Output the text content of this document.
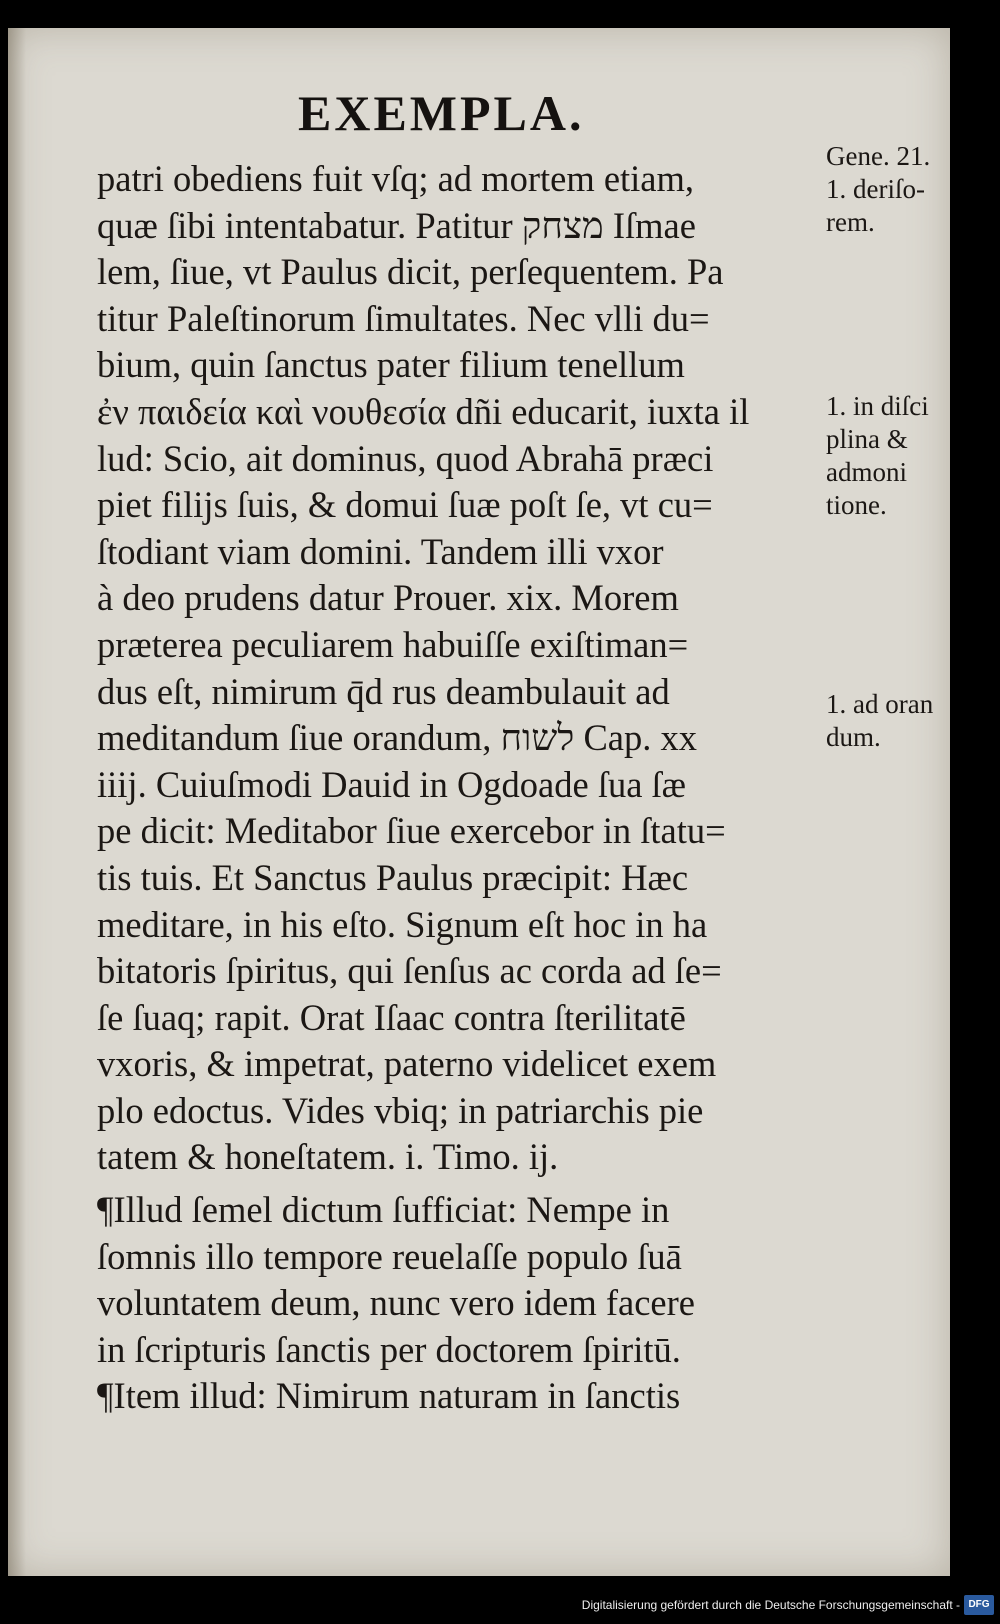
EXEMPLA.
patri obediens fuit vſq; ad mortem etiam,
quæ ſibi intentabatur. Patitur מצחק Iſmae
lem, ſiue, vt Paulus dicit, perſequentem. Pa
titur Paleſtinorum ſimultates. Nec vlli du=
bium, quin ſanctus pater filium tenellum
ἐν παιδεία καὶ νουθεσία dñi educarit, iuxta il
lud: Scio, ait dominus, quod Abrahā præci
piet filijs ſuis, & domui ſuæ poſt ſe, vt cu=
ſtodiant viam domini. Tandem illi vxor
à deo prudens datur Prouer. xix. Morem
præterea peculiarem habuiſſe exiſtiman=
dus eſt, nimirum q̄d rus deambulauit ad
meditandum ſiue orandum, לשוח Cap. xx
iiij. Cuiuſmodi Dauid in Ogdoade ſua ſæ
pe dicit: Meditabor ſiue exercebor in ſtatu=
tis tuis. Et Sanctus Paulus præcipit: Hæc
meditare, in his eſto. Signum eſt hoc in ha
bitatoris ſpiritus, qui ſenſus ac corda ad ſe=
ſe ſuaq; rapit. Orat Iſaac contra ſterilitatē
vxoris, & impetrat, paterno videlicet exem
plo edoctus. Vides vbiq; in patriarchis pie
tatem & honeſtatem. i. Timo. ij.
¶Illud ſemel dictum ſufficiat: Nempe in
ſomnis illo tempore reuelaſſe populo ſuā
voluntatem deum, nunc vero idem facere
in ſcripturis ſanctis per doctorem ſpiritū.
¶Item illud: Nimirum naturam in ſanctis
Gene. 21.
1. deriſo-
rem.
1. in diſci
plina &
admoni
tione.
1. ad oran
dum.
Digitalisierung gefördert durch die Deutsche Forschungsgemeinschaft - DFG
